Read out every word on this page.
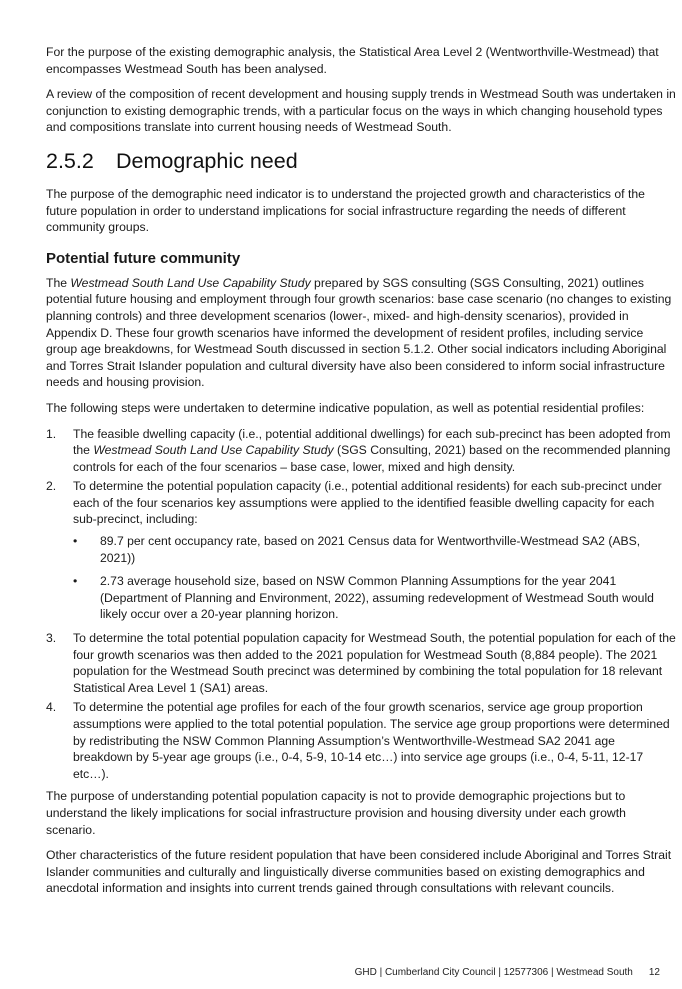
For the purpose of the existing demographic analysis, the Statistical Area Level 2 (Wentworthville-Westmead) that encompasses Westmead South has been analysed.

A review of the composition of recent development and housing supply trends in Westmead South was undertaken in conjunction to existing demographic trends, with a particular focus on the ways in which changing household types and compositions translate into current housing needs of Westmead South.

2.5.2 Demographic need

The purpose of the demographic need indicator is to understand the projected growth and characteristics of the future population in order to understand implications for social infrastructure regarding the needs of different community groups.

Potential future community

The Westmead South Land Use Capability Study prepared by SGS consulting (SGS Consulting, 2021) outlines potential future housing and employment through four growth scenarios: base case scenario (no changes to existing planning controls) and three development scenarios (lower-, mixed- and high-density scenarios), provided in Appendix D. These four growth scenarios have informed the development of resident profiles, including service group age breakdowns, for Westmead South discussed in section 5.1.2. Other social indicators including Aboriginal and Torres Strait Islander population and cultural diversity have also been considered to inform social infrastructure needs and housing provision.

The following steps were undertaken to determine indicative population, as well as potential residential profiles:

1. The feasible dwelling capacity (i.e., potential additional dwellings) for each sub-precinct has been adopted from the Westmead South Land Use Capability Study (SGS Consulting, 2021) based on the recommended planning controls for each of the four scenarios – base case, lower, mixed and high density.
2. To determine the potential population capacity (i.e., potential additional residents) for each sub-precinct under each of the four scenarios key assumptions were applied to the identified feasible dwelling capacity for each sub-precinct, including:
• 89.7 per cent occupancy rate, based on 2021 Census data for Wentworthville-Westmead SA2 (ABS, 2021))
• 2.73 average household size, based on NSW Common Planning Assumptions for the year 2041 (Department of Planning and Environment, 2022), assuming redevelopment of Westmead South would likely occur over a 20-year planning horizon.
3. To determine the total potential population capacity for Westmead South, the potential population for each of the four growth scenarios was then added to the 2021 population for Westmead South (8,884 people). The 2021 population for the Westmead South precinct was determined by combining the total population for 18 relevant Statistical Area Level 1 (SA1) areas.
4. To determine the potential age profiles for each of the four growth scenarios, service age group proportion assumptions were applied to the total potential population. The service age group proportions were determined by redistributing the NSW Common Planning Assumption’s Wentworthville-Westmead SA2 2041 age breakdown by 5-year age groups (i.e., 0-4, 5-9, 10-14 etc…) into service age groups (i.e., 0-4, 5-11, 12-17 etc…).

The purpose of understanding potential population capacity is not to provide demographic projections but to understand the likely implications for social infrastructure provision and housing diversity under each growth scenario.

Other characteristics of the future resident population that have been considered include Aboriginal and Torres Strait Islander communities and culturally and linguistically diverse communities based on existing demographics and anecdotal information and insights into current trends gained through consultations with relevant councils.

GHD | Cumberland City Council | 12577306 | Westmead South 12
